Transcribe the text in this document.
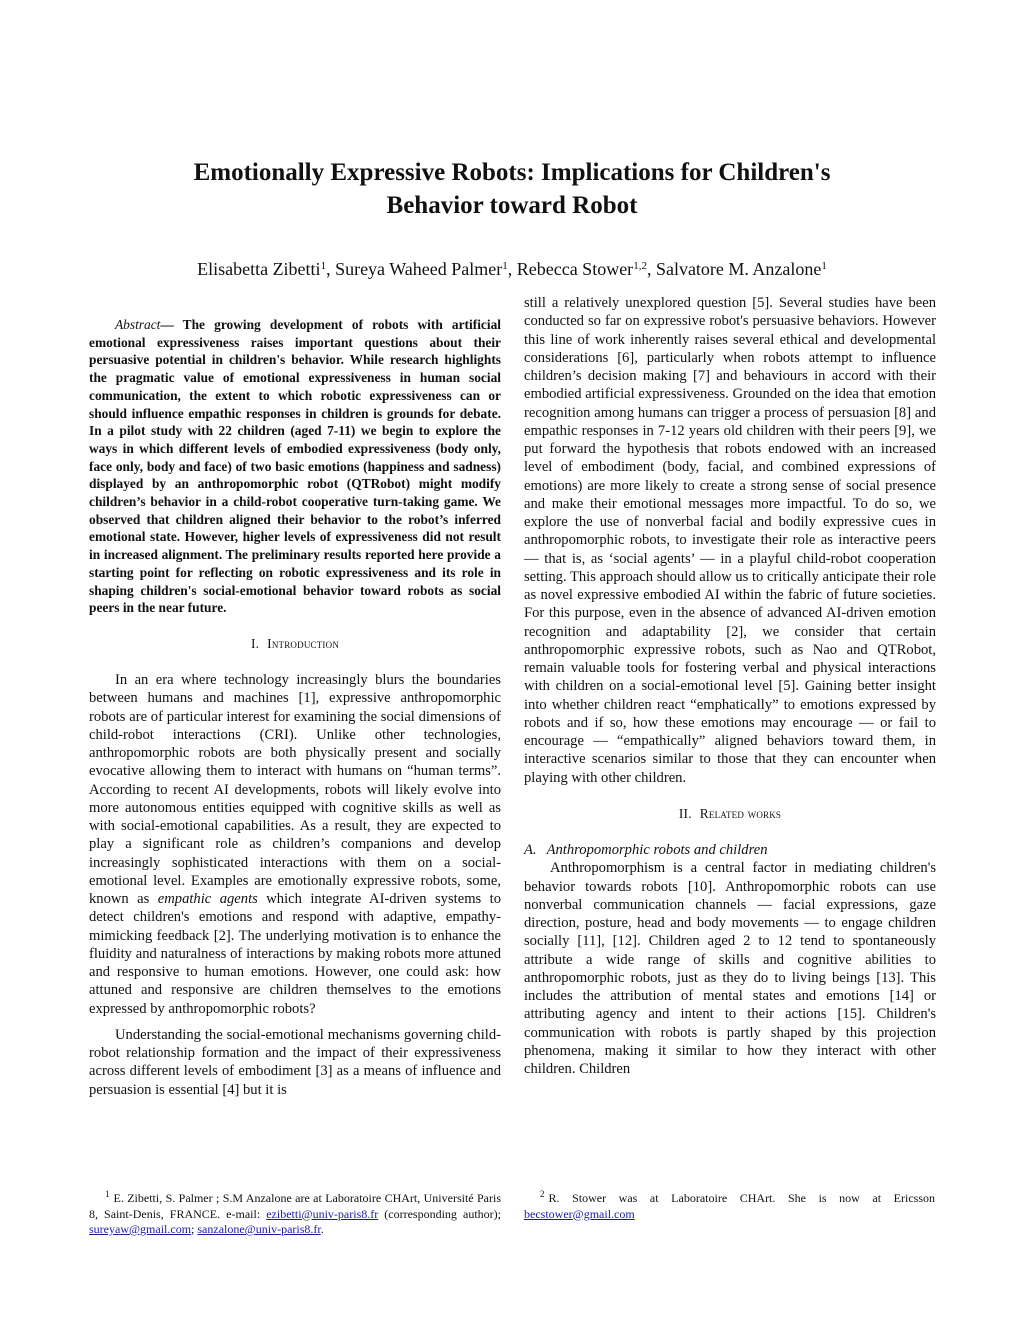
Emotionally Expressive Robots: Implications for Children's
Behavior toward Robot
Elisabetta Zibetti$^1$, Sureya Waheed Palmer$^1$, Rebecca Stower$^{1,2}$, Salvatore M. Anzalone$^1$

Abstract— The growing development of robots with artificial emotional expressiveness raises important questions about their persuasive potential in children's behavior. While research highlights the pragmatic value of emotional expressiveness in human social communication, the extent to which robotic expressiveness can or should influence empathic responses in children is grounds for debate. In a pilot study with 22 children (aged 7-11) we begin to explore the ways in which different levels of embodied expressiveness (body only, face only, body and face) of two basic emotions (happiness and sadness) displayed by an anthropomorphic robot (QTRobot) might modify children’s behavior in a child-robot cooperative turn-taking game. We observed that children aligned their behavior to the robot’s inferred emotional state. However, higher levels of expressiveness did not result in increased alignment. The preliminary results reported here provide a starting point for reflecting on robotic expressiveness and its role in shaping children's social-emotional behavior toward robots as social peers in the near future.

I. Introduction

In an era where technology increasingly blurs the boundaries between humans and machines [1], expressive anthropomorphic robots are of particular interest for examining the social dimensions of child-robot interactions (CRI). Unlike other technologies, anthropomorphic robots are both physically present and socially evocative allowing them to interact with humans on “human terms”. According to recent AI developments, robots will likely evolve into more autonomous entities equipped with cognitive skills as well as with social-emotional capabilities. As a result, they are expected to play a significant role as children’s companions and develop increasingly sophisticated interactions with them on a social-emotional level. Examples are emotionally expressive robots, some, known as empathic agents which integrate AI-driven systems to detect children's emotions and respond with adaptive, empathy-mimicking feedback [2]. The underlying motivation is to enhance the fluidity and naturalness of interactions by making robots more attuned and responsive to human emotions. However, one could ask: how attuned and responsive are children themselves to the emotions expressed by anthropomorphic robots?

Understanding the social-emotional mechanisms governing child-robot relationship formation and the impact of their expressiveness across different levels of embodiment [3] as a means of influence and persuasion is essential [4] but it is

still a relatively unexplored question [5]. Several studies have been conducted so far on expressive robot's persuasive behaviors. However this line of work inherently raises several ethical and developmental considerations [6], particularly when robots attempt to influence children’s decision making [7] and behaviours in accord with their embodied artificial expressiveness. Grounded on the idea that emotion recognition among humans can trigger a process of persuasion [8] and empathic responses in 7-12 years old children with their peers [9], we put forward the hypothesis that robots endowed with an increased level of embodiment (body, facial, and combined expressions of emotions) are more likely to create a strong sense of social presence and make their emotional messages more impactful. To do so, we explore the use of nonverbal facial and bodily expressive cues in anthropomorphic robots, to investigate their role as interactive peers — that is, as ‘social agents’ — in a playful child-robot cooperation setting. This approach should allow us to critically anticipate their role as novel expressive embodied AI within the fabric of future societies. For this purpose, even in the absence of advanced AI-driven emotion recognition and adaptability [2], we consider that certain anthropomorphic expressive robots, such as Nao and QTRobot, remain valuable tools for fostering verbal and physical interactions with children on a social-emotional level [5]. Gaining better insight into whether children react “emphatically” to emotions expressed by robots and if so, how these emotions may encourage — or fail to encourage — “empathically” aligned behaviors toward them, in interactive scenarios similar to those that they can encounter when playing with other children.

II. Related works
A. Anthropomorphic robots and children

Anthropomorphism is a central factor in mediating children's behavior towards robots [10]. Anthropomorphic robots can use nonverbal communication channels — facial expressions, gaze direction, posture, head and body movements — to engage children socially [11], [12]. Children aged 2 to 12 tend to spontaneously attribute a wide range of skills and cognitive abilities to anthropomorphic robots, just as they do to living beings [13]. This includes the attribution of mental states and emotions [14] or attributing agency and intent to their actions [15]. Children's communication with robots is partly shaped by this projection phenomena, making it similar to how they interact with other children. Children

$^1$ E. Zibetti, S. Palmer ; S.M Anzalone are at Laboratoire CHArt, Université Paris 8, Saint-Denis, FRANCE. e-mail: ezibetti@univ-paris8.fr (corresponding author); sureyaw@gmail.com; sanzalone@univ-paris8.fr.
$^2$ R. Stower was at Laboratoire CHArt. She is now at Ericsson becstower@gmail.com
